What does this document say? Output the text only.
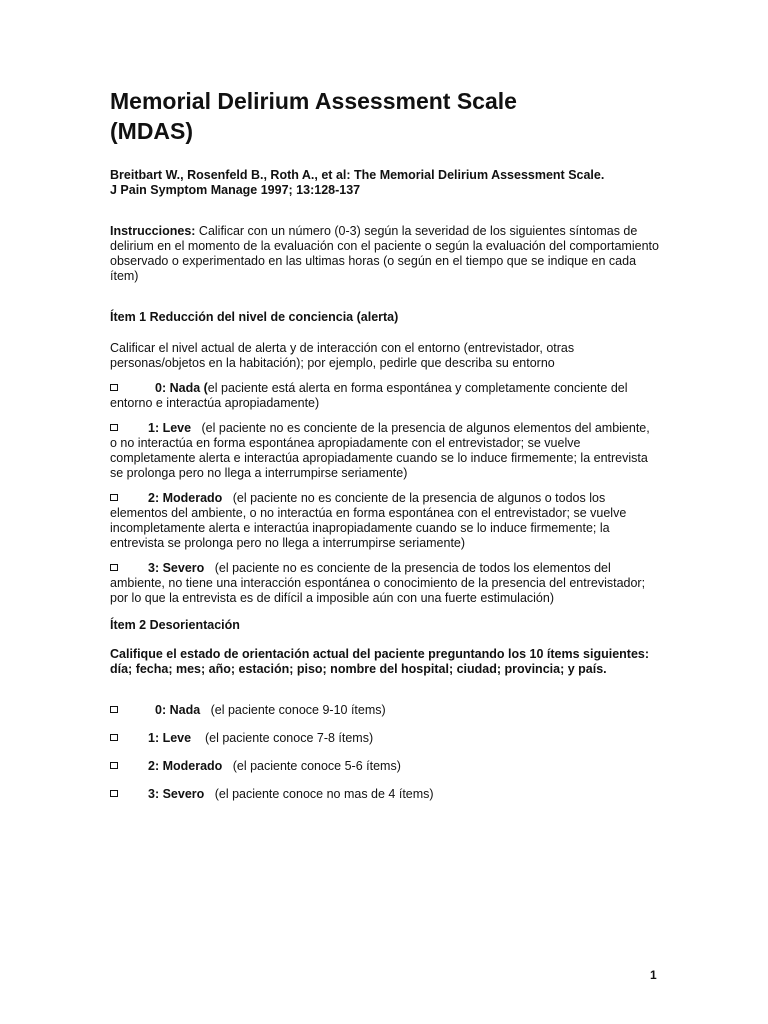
Memorial Delirium Assessment Scale
(MDAS)
Breitbart W., Rosenfeld B., Roth A., et al: The Memorial Delirium Assessment Scale.
J Pain Symptom Manage 1997; 13:128-137
Instrucciones: Calificar con un número (0-3) según la severidad de los siguientes síntomas de delirium en el momento de la evaluación con el paciente o según la evaluación del comportamiento observado o experimentado en las ultimas horas (o según en el tiempo que se indique en cada ítem)
Ítem 1 Reducción del nivel de conciencia (alerta)
Calificar el nivel actual de alerta y de interacción con el entorno (entrevistador, otras personas/objetos en la habitación); por ejemplo, pedirle que describa su entorno
0: Nada (el paciente está alerta en forma espontánea y completamente conciente del entorno e interactúa apropiadamente)
1: Leve   (el paciente no es conciente de la presencia de algunos elementos del ambiente, o no interactúa en forma espontánea apropiadamente con el entrevistador; se vuelve completamente alerta e interactúa apropiadamente cuando se lo induce firmemente; la entrevista se prolonga pero no llega a interrumpirse seriamente)
2: Moderado   (el paciente no es conciente de la presencia de algunos o todos los elementos del ambiente, o no interactúa en forma espontánea con el entrevistador; se vuelve incompletamente alerta e interactúa inapropiadamente cuando se lo induce firmemente; la entrevista se prolonga pero no llega a interrumpirse seriamente)
3: Severo   (el paciente no es conciente de la presencia de todos los elementos del ambiente, no tiene una interacción espontánea o conocimiento de la presencia del entrevistador; por lo que la entrevista es de difícil a imposible aún con una fuerte estimulación)
Ítem 2 Desorientación
Califique el estado de orientación actual del paciente preguntando los 10 ítems siguientes: día; fecha; mes; año; estación; piso; nombre del hospital; ciudad; provincia; y país.
0: Nada   (el paciente conoce 9-10 ítems)
1: Leve    (el paciente conoce 7-8 ítems)
2: Moderado   (el paciente conoce 5-6 ítems)
3: Severo   (el paciente conoce no mas de 4 ítems)
1
